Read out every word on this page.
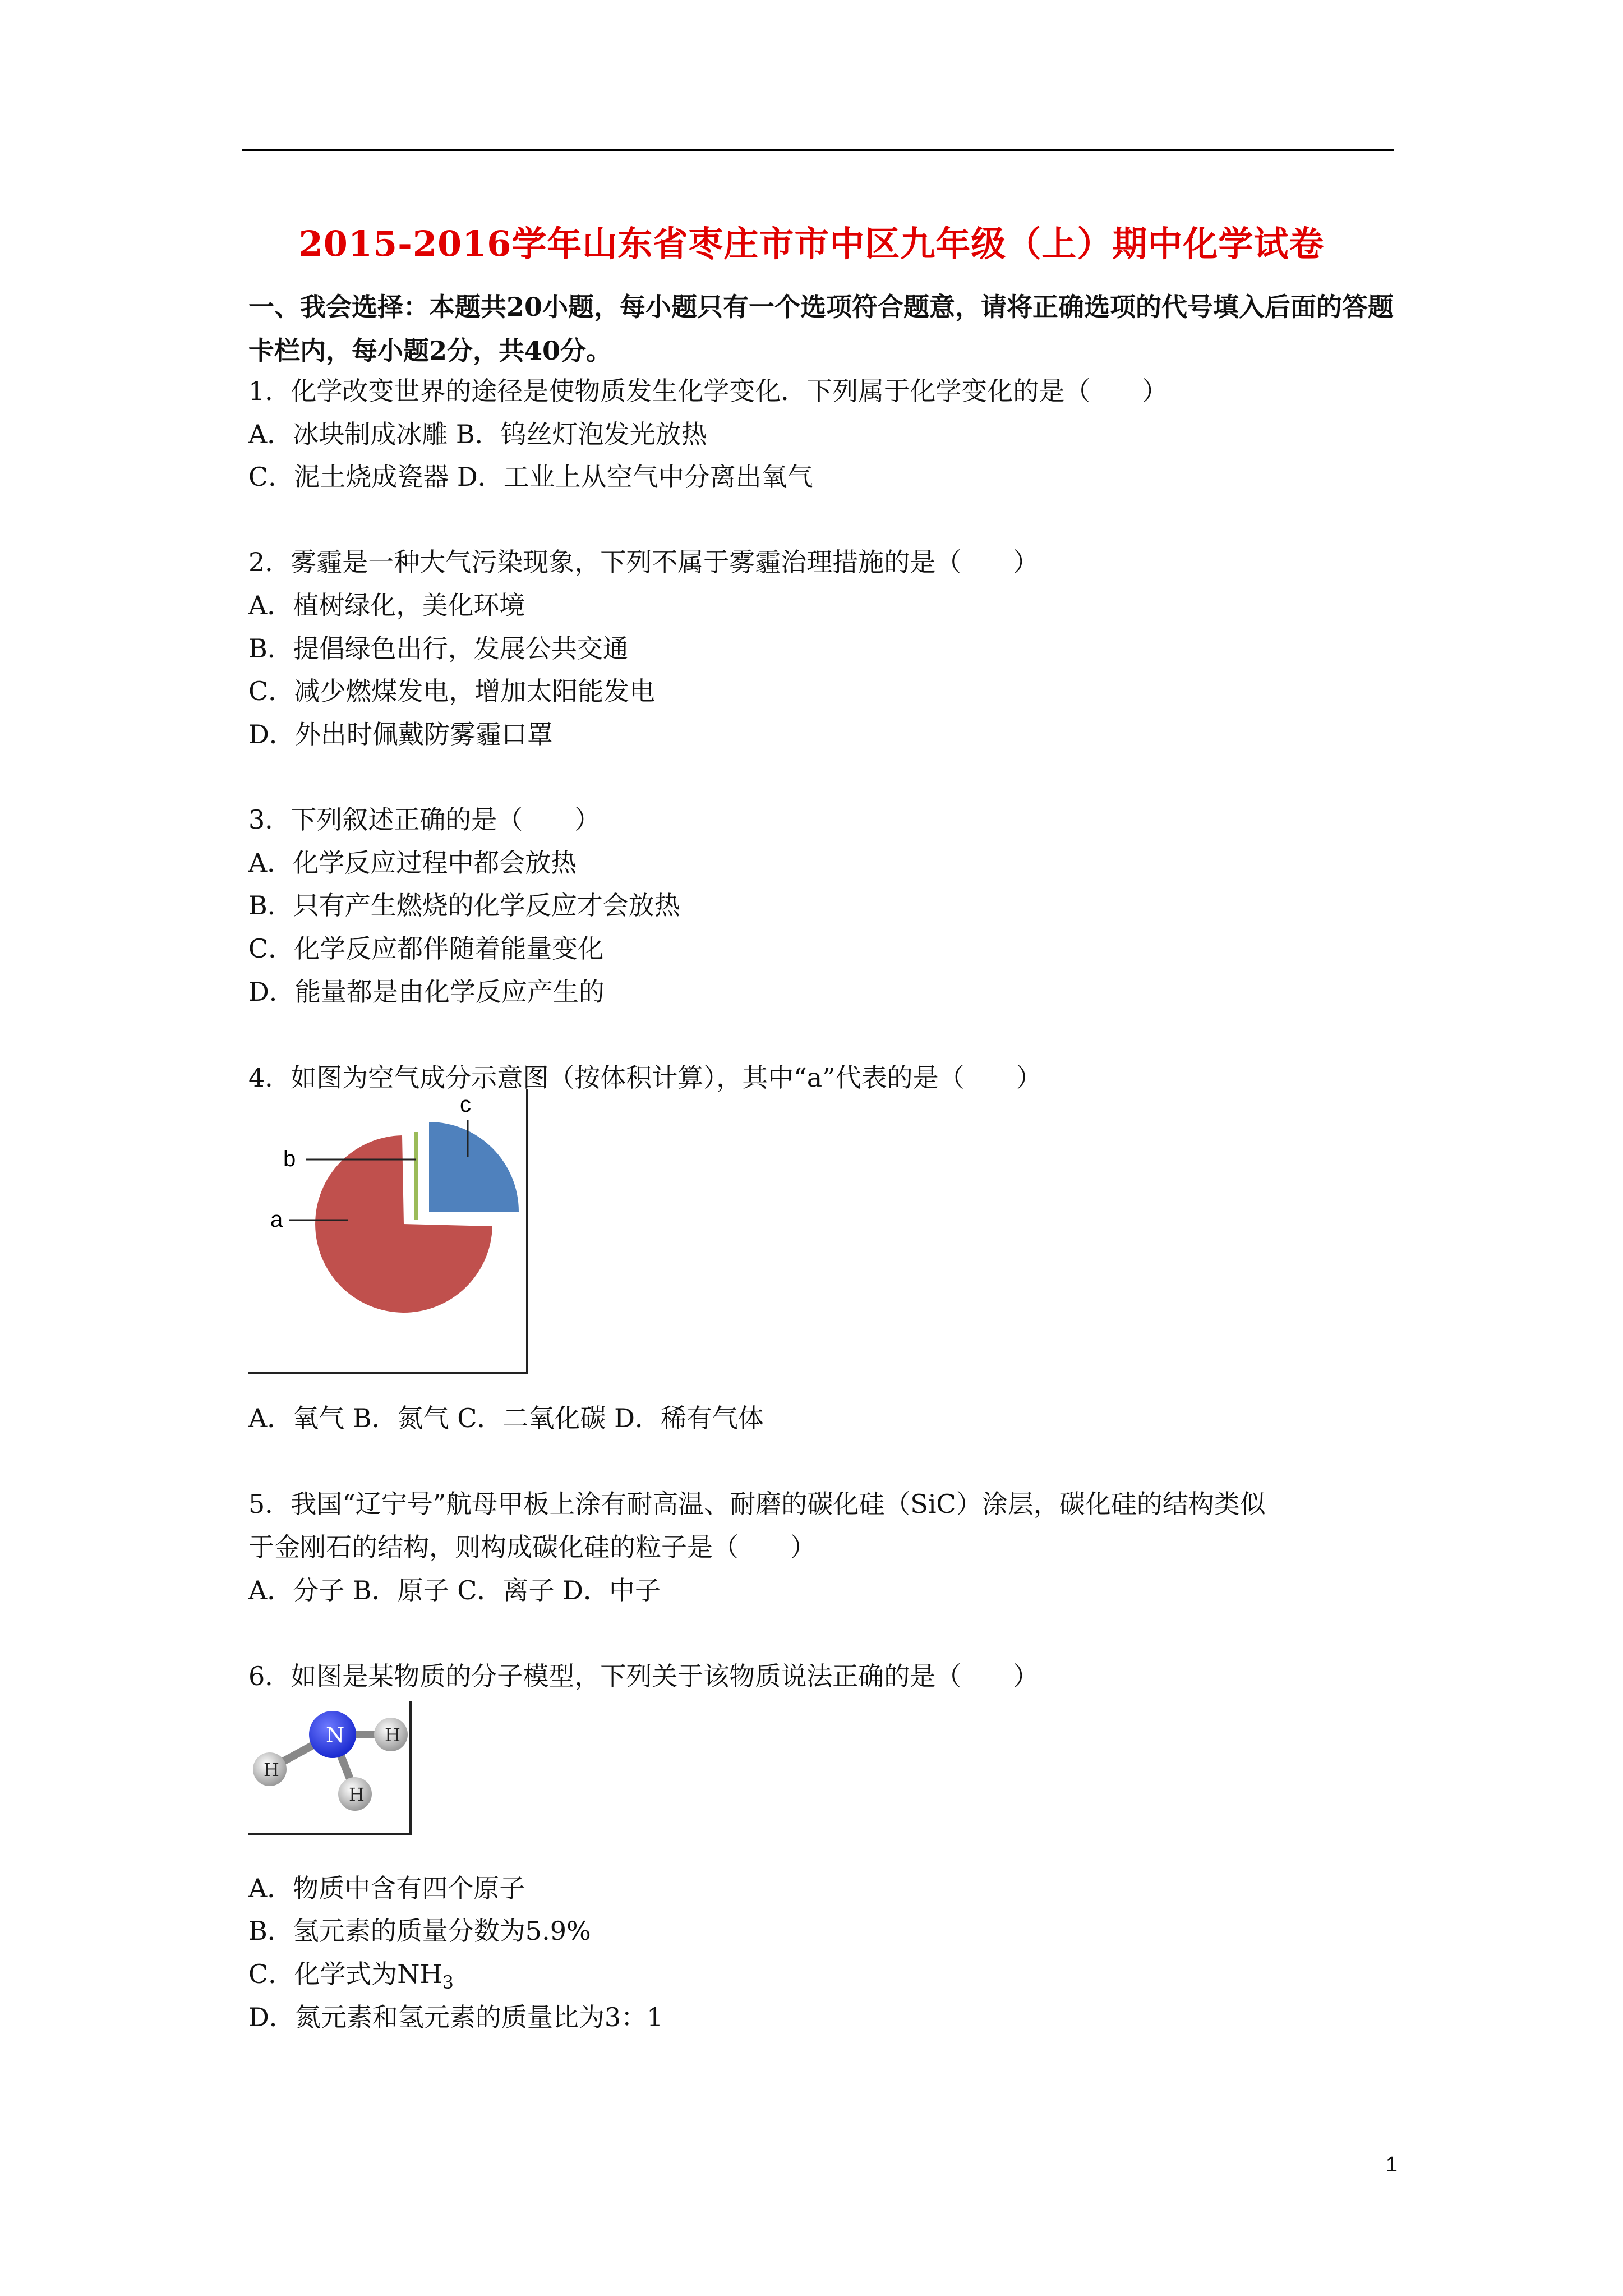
2015-2016学年山东省枣庄市市中区九年级（上）期中化学试卷
一、我会选择：本题共20小题，每小题只有一个选项符合题意，请将正确选项的代号填入后面的答题卡栏内，每小题2分，共40分。
1．化学改变世界的途径是使物质发生化学变化．下列属于化学变化的是（　　）
A．冰块制成冰雕 B．钨丝灯泡发光放热
C．泥土烧成瓷器 D．工业上从空气中分离出氧气
2．雾霾是一种大气污染现象，下列不属于雾霾治理措施的是（　　）
A．植树绿化，美化环境
B．提倡绿色出行，发展公共交通
C．减少燃煤发电，增加太阳能发电
D．外出时佩戴防雾霾口罩
3．下列叙述正确的是（　　）
A．化学反应过程中都会放热
B．只有产生燃烧的化学反应才会放热
C．化学反应都伴随着能量变化
D．能量都是由化学反应产生的
4．如图为空气成分示意图（按体积计算），其中“a”代表的是（　　）
a
b
c
A．氧气 B．氮气 C．二氧化碳 D．稀有气体
5．我国“辽宁号”航母甲板上涂有耐高温、耐磨的碳化硅（SiC）涂层，碳化硅的结构类似
于金刚石的结构，则构成碳化硅的粒子是（　　）
A．分子 B．原子 C．离子 D．中子
6．如图是某物质的分子模型，下列关于该物质说法正确的是（　　）
N H
H
H
A．物质中含有四个原子
B．氢元素的质量分数为5.9%
C．化学式为$NH_3$
D．氮元素和氢元素的质量比为3：1
1
